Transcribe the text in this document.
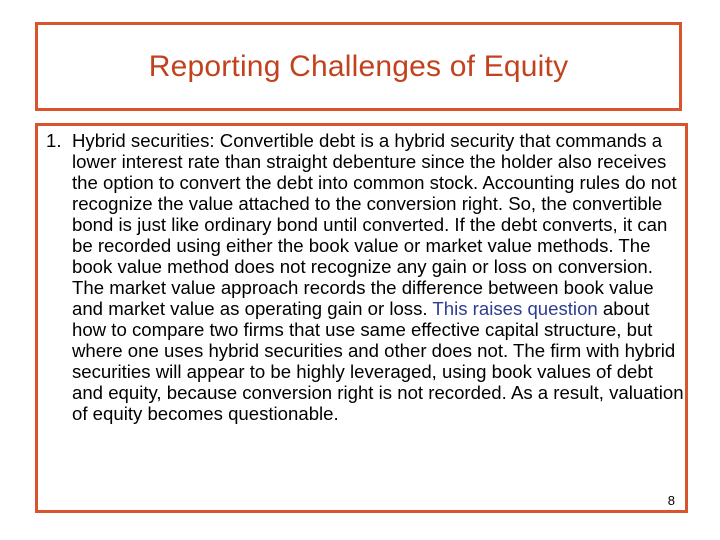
Reporting Challenges of Equity
1. Hybrid securities: Convertible debt is a hybrid security that commands a lower interest rate than straight debenture since the holder also receives the option to convert the debt into common stock. Accounting rules do not recognize the value attached to the conversion right. So, the convertible bond is just like ordinary bond until converted. If the debt converts, it can be recorded using either the book value or market value methods. The book value method does not recognize any gain or loss on conversion. The market value approach records the difference between book value and market value as operating gain or loss. This raises question about how to compare two firms that use same effective capital structure, but where one uses hybrid securities and other does not. The firm with hybrid securities will appear to be highly leveraged, using book values of debt and equity, because conversion right is not recorded. As a result, valuation of equity becomes questionable.
8
